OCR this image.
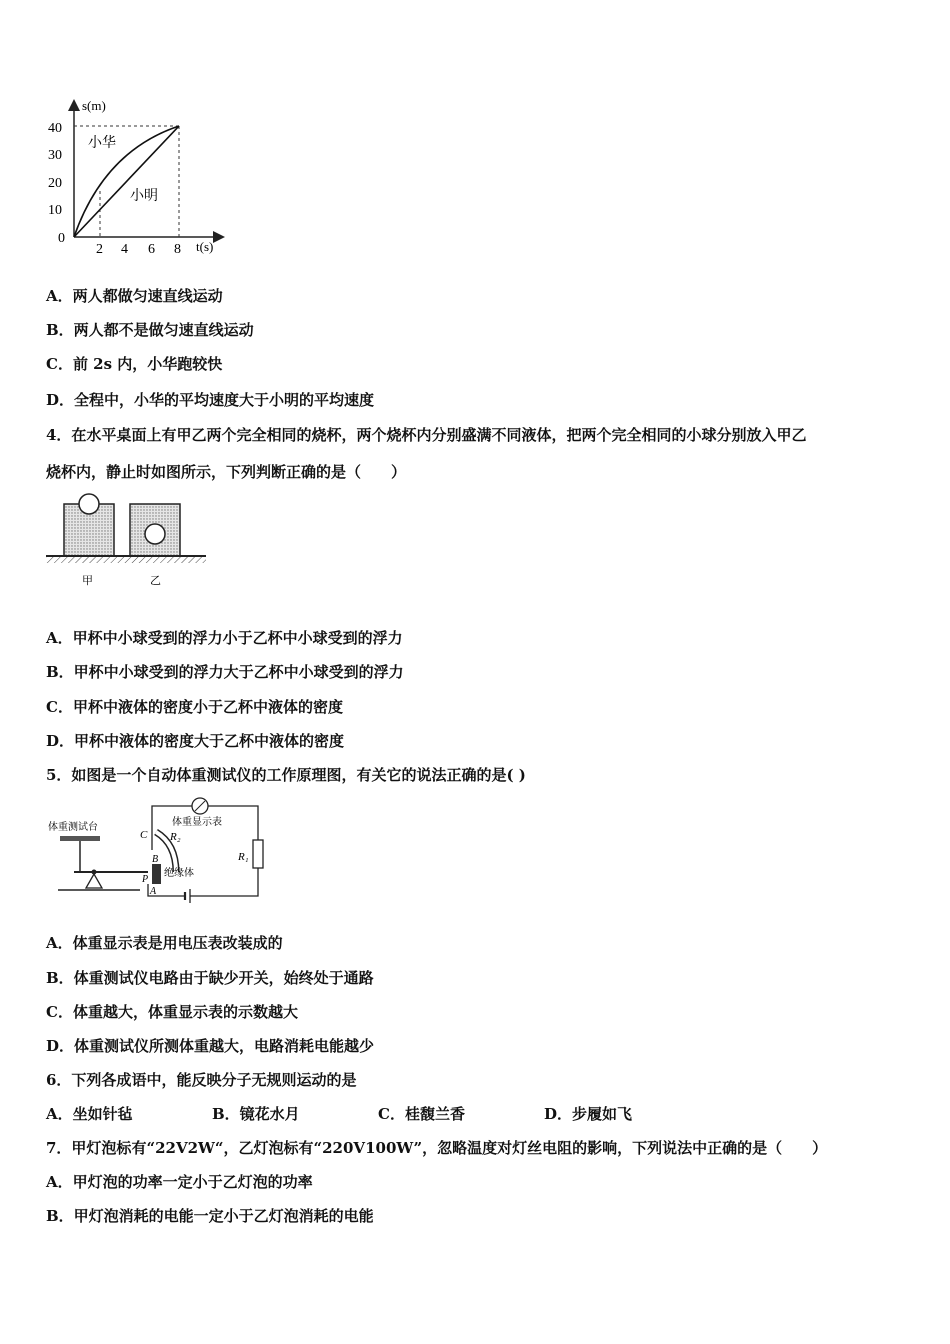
s(m)
t(s)
40
30
20
10
0
2 4 6 8
小华
小明
A．两人都做匀速直线运动
B．两人都不是做匀速直线运动
C．前 2s 内，小华跑较快
D．全程中，小华的平均速度大于小明的平均速度
4．在水平桌面上有甲乙两个完全相同的烧杯，两个烧杯内分别盛满不同液体，把两个完全相同的小球分别放入甲乙
烧杯内，静止时如图所示，下列判断正确的是（　　）
甲	乙
A．甲杯中小球受到的浮力小于乙杯中小球受到的浮力
B．甲杯中小球受到的浮力大于乙杯中小球受到的浮力
C．甲杯中液体的密度小于乙杯中液体的密度
D．甲杯中液体的密度大于乙杯中液体的密度
5．如图是一个自动体重测试仪的工作原理图，有关它的说法正确的是( )
C R₂
R₁
体重显示表
B
绝缘体
P
A
体重测试台
A．体重显示表是用电压表改装成的
B．体重测试仪电路由于缺少开关，始终处于通路
C．体重越大，体重显示表的示数越大
D．体重测试仪所测体重越大，电路消耗电能越少
6．下列各成语中，能反映分子无规则运动的是
A．坐如针毡	B．镜花水月	C．桂馥兰香	D．步履如飞
7．甲灯泡标有“22V2W“，乙灯泡标有“220V100W”，忽略温度对灯丝电阻的影响，下列说法中正确的是（　　）
A．甲灯泡的功率一定小于乙灯泡的功率
B．甲灯泡消耗的电能一定小于乙灯泡消耗的电能
